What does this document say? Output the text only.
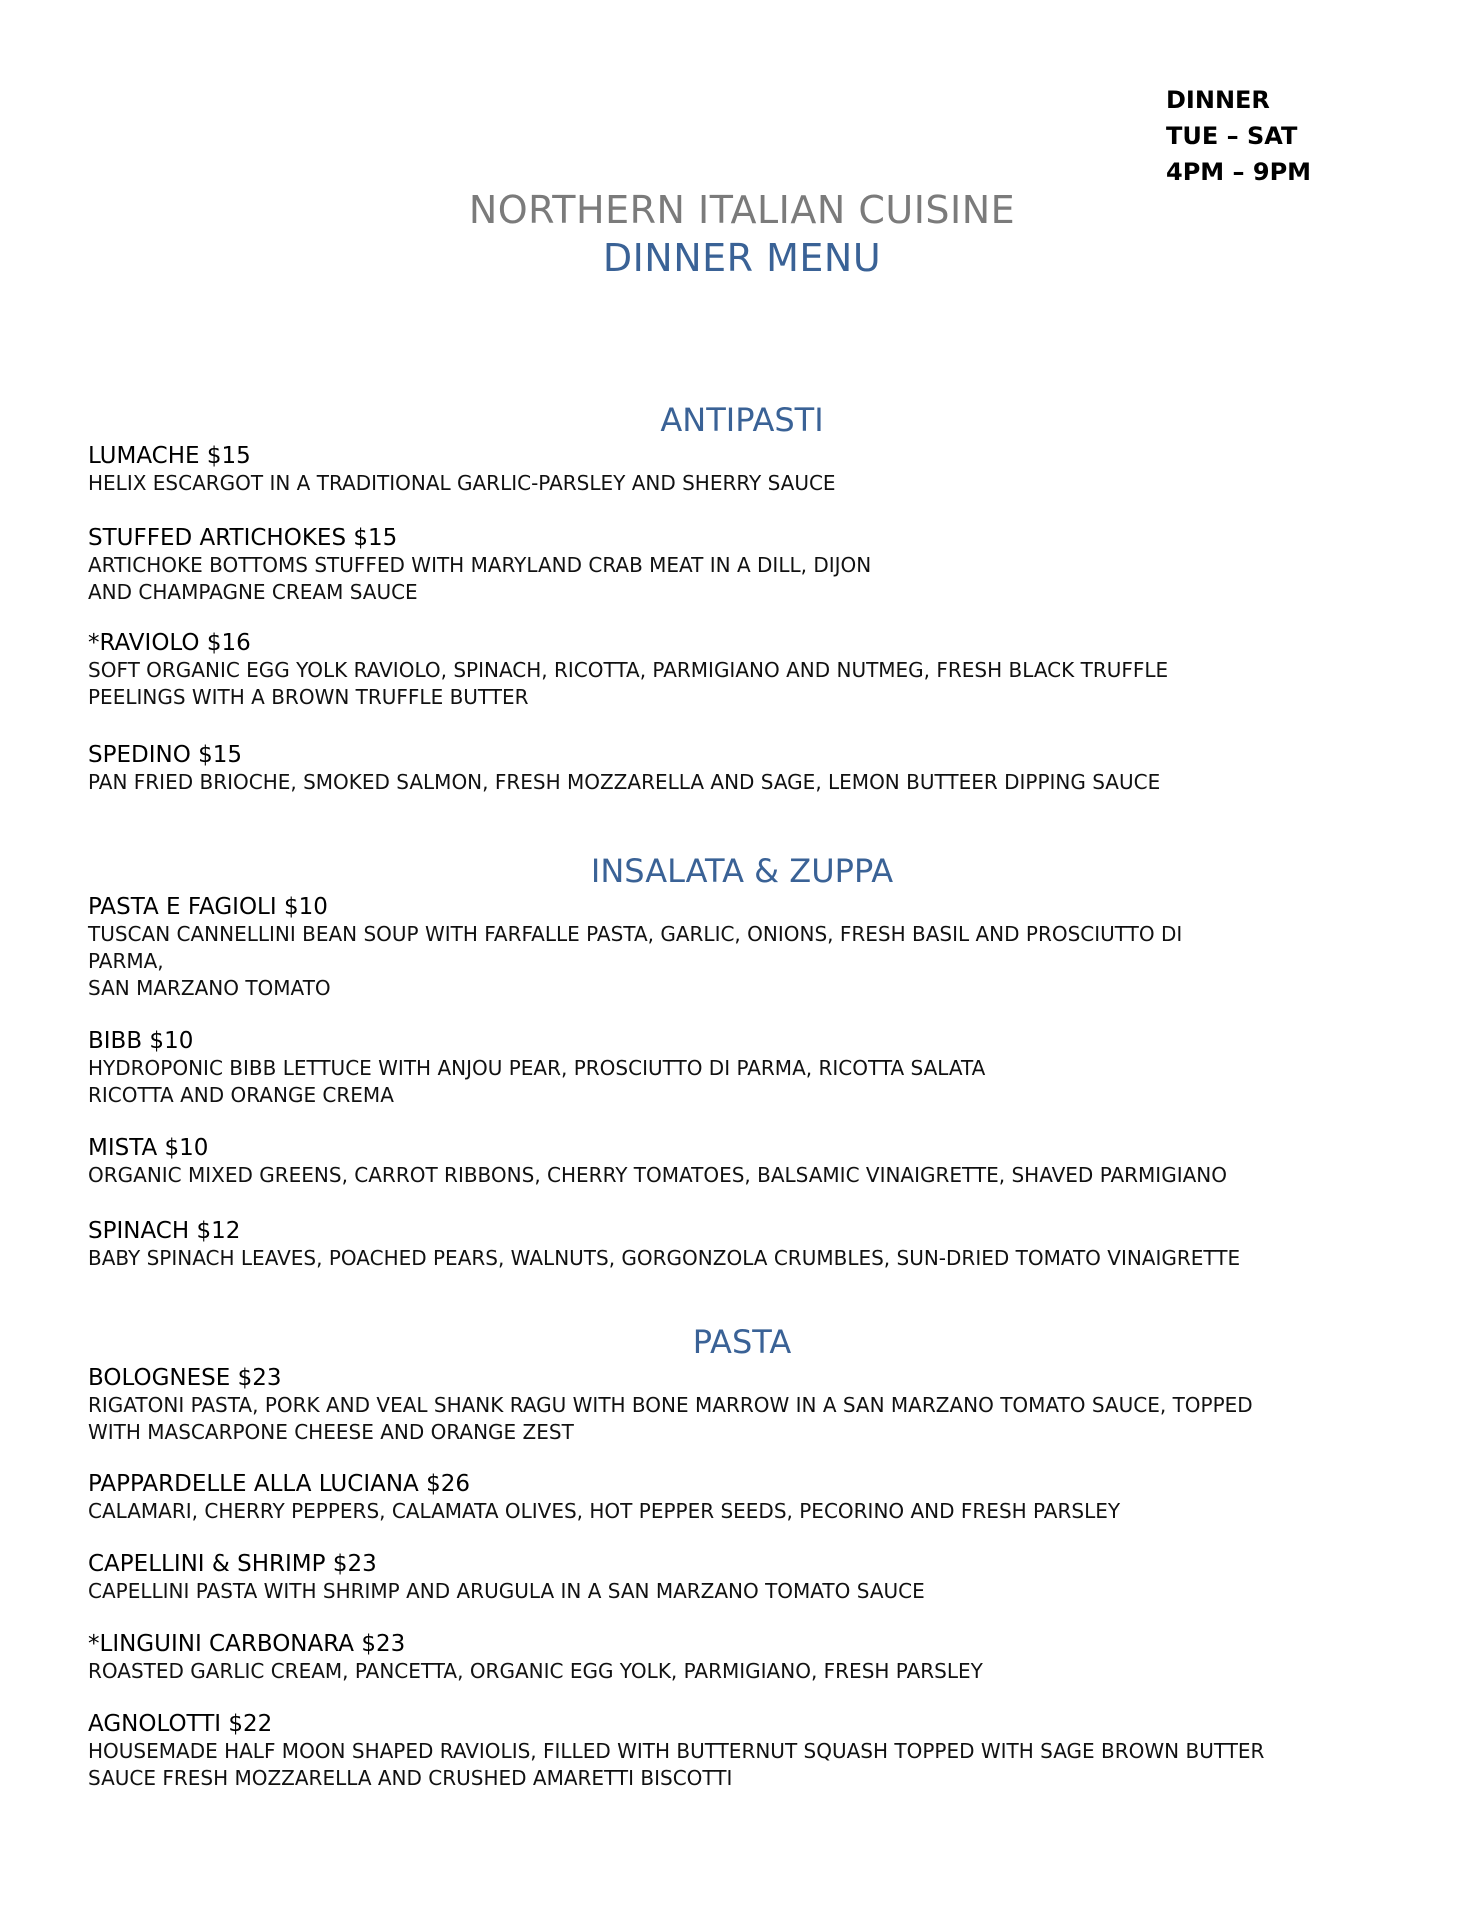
DINNER
TUE – SAT
4PM – 9PM
NORTHERN ITALIAN CUISINE
DINNER MENU
ANTIPASTI
LUMACHE $15
HELIX ESCARGOT IN A TRADITIONAL GARLIC-PARSLEY AND SHERRY SAUCE
STUFFED ARTICHOKES $15
ARTICHOKE BOTTOMS STUFFED WITH MARYLAND CRAB MEAT IN A DILL, DIJON
AND CHAMPAGNE CREAM SAUCE
*RAVIOLO $16
SOFT ORGANIC EGG YOLK RAVIOLO, SPINACH, RICOTTA, PARMIGIANO AND NUTMEG, FRESH BLACK TRUFFLE
PEELINGS WITH A BROWN TRUFFLE BUTTER
SPEDINO $15
PAN FRIED BRIOCHE, SMOKED SALMON, FRESH MOZZARELLA AND SAGE, LEMON BUTTEER DIPPING SAUCE
INSALATA & ZUPPA
PASTA E FAGIOLI $10
TUSCAN CANNELLINI BEAN SOUP WITH FARFALLE PASTA, GARLIC, ONIONS, FRESH BASIL AND PROSCIUTTO DI
PARMA,
SAN MARZANO TOMATO
BIBB $10
HYDROPONIC BIBB LETTUCE WITH ANJOU PEAR, PROSCIUTTO DI PARMA, RICOTTA SALATA
RICOTTA AND ORANGE CREMA
MISTA $10
ORGANIC MIXED GREENS, CARROT RIBBONS, CHERRY TOMATOES, BALSAMIC VINAIGRETTE, SHAVED PARMIGIANO
SPINACH $12
BABY SPINACH LEAVES, POACHED PEARS, WALNUTS, GORGONZOLA CRUMBLES, SUN-DRIED TOMATO VINAIGRETTE
PASTA
BOLOGNESE $23
RIGATONI PASTA, PORK AND VEAL SHANK RAGU WITH BONE MARROW IN A SAN MARZANO TOMATO SAUCE, TOPPED
WITH MASCARPONE CHEESE AND ORANGE ZEST
PAPPARDELLE ALLA LUCIANA $26
CALAMARI, CHERRY PEPPERS, CALAMATA OLIVES, HOT PEPPER SEEDS, PECORINO AND FRESH PARSLEY
CAPELLINI & SHRIMP $23
CAPELLINI PASTA WITH SHRIMP AND ARUGULA IN A SAN MARZANO TOMATO SAUCE
*LINGUINI CARBONARA $23
ROASTED GARLIC CREAM, PANCETTA, ORGANIC EGG YOLK, PARMIGIANO, FRESH PARSLEY
AGNOLOTTI $22
HOUSEMADE HALF MOON SHAPED RAVIOLIS, FILLED WITH BUTTERNUT SQUASH TOPPED WITH SAGE BROWN BUTTER
SAUCE FRESH MOZZARELLA AND CRUSHED AMARETTI BISCOTTI
